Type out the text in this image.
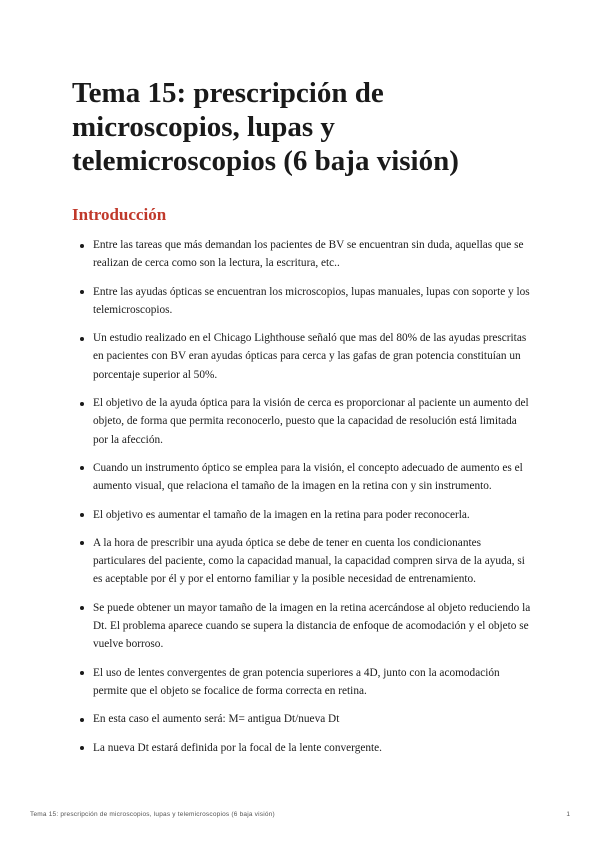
Tema 15: prescripción de microscopios, lupas y telemicroscopios (6 baja visión)
Introducción
Entre las tareas que más demandan los pacientes de BV se encuentran sin duda, aquellas que se realizan de cerca como son la lectura, la escritura, etc..
Entre las ayudas ópticas se encuentran los microscopios, lupas manuales, lupas con soporte y los telemicroscopios.
Un estudio realizado en el Chicago Lighthouse señaló que mas del 80% de las ayudas prescritas en pacientes con BV eran ayudas ópticas para cerca y las gafas de gran potencia constituían un porcentaje superior al 50%.
El objetivo de la ayuda óptica para la visión de cerca es proporcionar al paciente un aumento del objeto, de forma que permita reconocerlo, puesto que la capacidad de resolución está limitada por la afección.
Cuando un instrumento óptico se emplea para la visión, el concepto adecuado de aumento es el aumento visual, que relaciona el tamaño de la imagen en la retina con y sin instrumento.
El objetivo es aumentar el tamaño de la imagen en la retina para poder reconocerla.
A la hora de prescribir una ayuda óptica se debe de tener en cuenta los condicionantes particulares del paciente, como la capacidad manual, la capacidad compren sirva de la ayuda, si es aceptable por él y por el entorno familiar y la posible necesidad de entrenamiento.
Se puede obtener un mayor tamaño de la imagen en la retina acercándose al objeto reduciendo la Dt. El problema aparece cuando se supera la distancia de enfoque de acomodación y el objeto se vuelve borroso.
El uso de lentes convergentes de gran potencia superiores a 4D, junto con la acomodación permite que el objeto se focalice de forma correcta en retina.
En esta caso el aumento será: M= antigua Dt/nueva Dt
La nueva Dt estará definida por la focal de la lente convergente.
Tema 15: prescripción de microscopios, lupas y telemicroscopios (6 baja visión)	1
